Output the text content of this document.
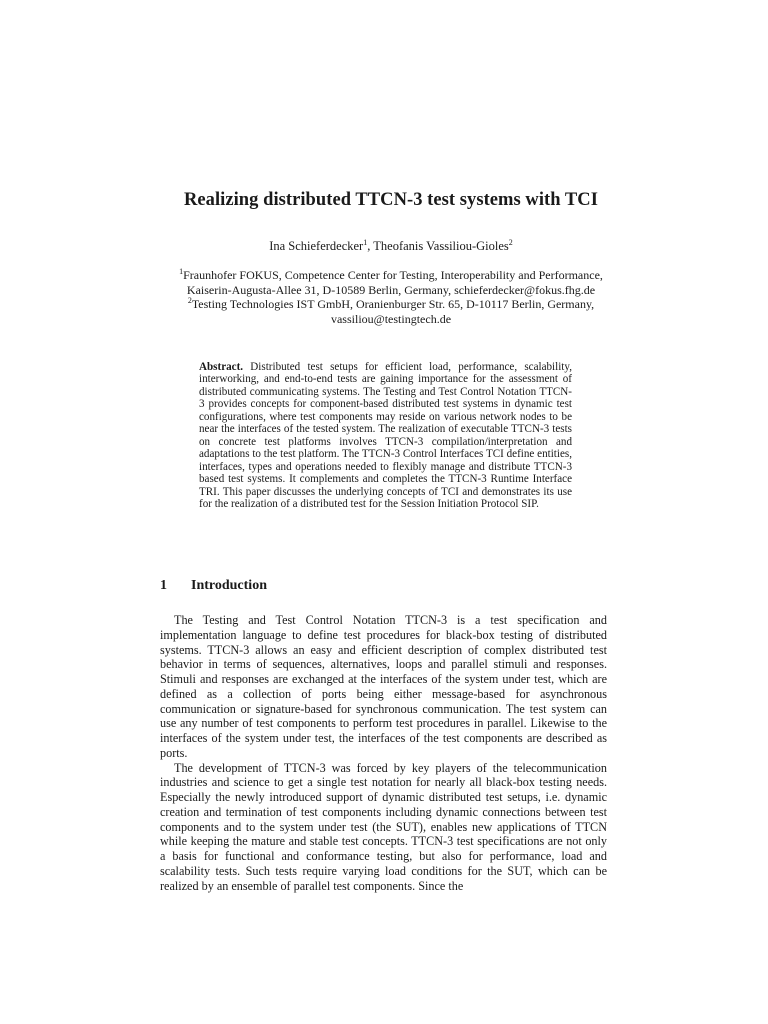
Realizing distributed TTCN-3 test systems with TCI
Ina Schieferdecker$^1$, Theofanis Vassiliou-Gioles$^2$
$^1$Fraunhofer FOKUS, Competence Center for Testing, Interoperability and Performance,
Kaiserin-Augusta-Allee 31, D-10589 Berlin, Germany, schieferdecker@fokus.fhg.de
$^2$Testing Technologies IST GmbH, Oranienburger Str. 65, D-10117 Berlin, Germany,
vassiliou@testingtech.de
Abstract. Distributed test setups for efficient load, performance, scalability, interworking, and end-to-end tests are gaining importance for the assessment of distributed communicating systems. The Testing and Test Control Notation TTCN-3 provides concepts for component-based distributed test systems in dynamic test configurations, where test components may reside on various network nodes to be near the interfaces of the tested system. The realization of executable TTCN-3 tests on concrete test platforms involves TTCN-3 compilation/interpretation and adaptations to the test platform. The TTCN-3 Control Interfaces TCI define entities, interfaces, types and operations needed to flexibly manage and distribute TTCN-3 based test systems. It complements and completes the TTCN-3 Runtime Interface TRI. This paper discusses the underlying concepts of TCI and demonstrates its use for the realization of a distributed test for the Session Initiation Protocol SIP.
1 Introduction

The Testing and Test Control Notation TTCN-3 is a test specification and implementation language to define test procedures for black-box testing of distributed systems. TTCN-3 allows an easy and efficient description of complex distributed test behavior in terms of sequences, alternatives, loops and parallel stimuli and responses. Stimuli and responses are exchanged at the interfaces of the system under test, which are defined as a collection of ports being either message-based for asynchronous communication or signature-based for synchronous communication. The test system can use any number of test components to perform test procedures in parallel. Likewise to the interfaces of the system under test, the interfaces of the test components are described as ports.

The development of TTCN-3 was forced by key players of the telecommunication industries and science to get a single test notation for nearly all black-box testing needs. Especially the newly introduced support of dynamic distributed test setups, i.e. dynamic creation and termination of test components including dynamic connections between test components and to the system under test (the SUT), enables new applications of TTCN while keeping the mature and stable test concepts. TTCN-3 test specifications are not only a basis for functional and conformance testing, but also for performance, load and scalability tests. Such tests require varying load conditions for the SUT, which can be realized by an ensemble of parallel test components. Since the
